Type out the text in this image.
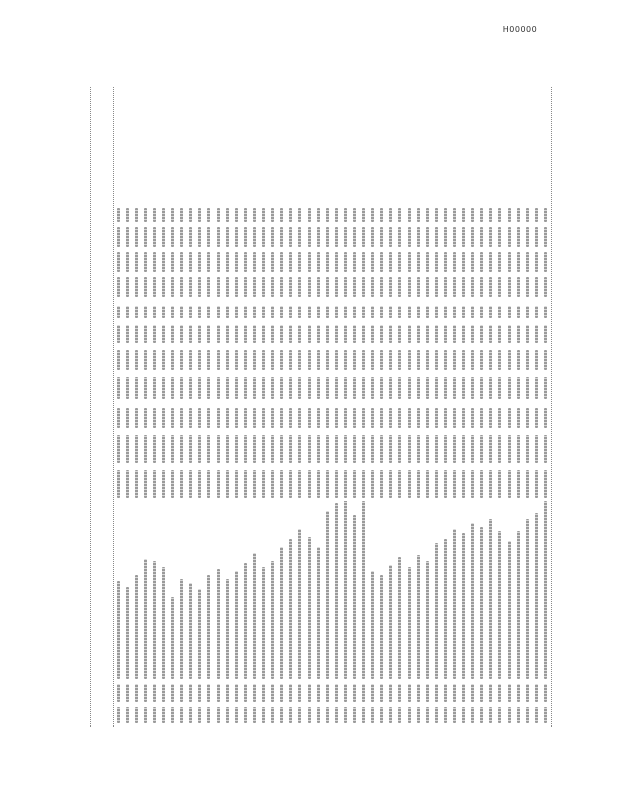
H00000
